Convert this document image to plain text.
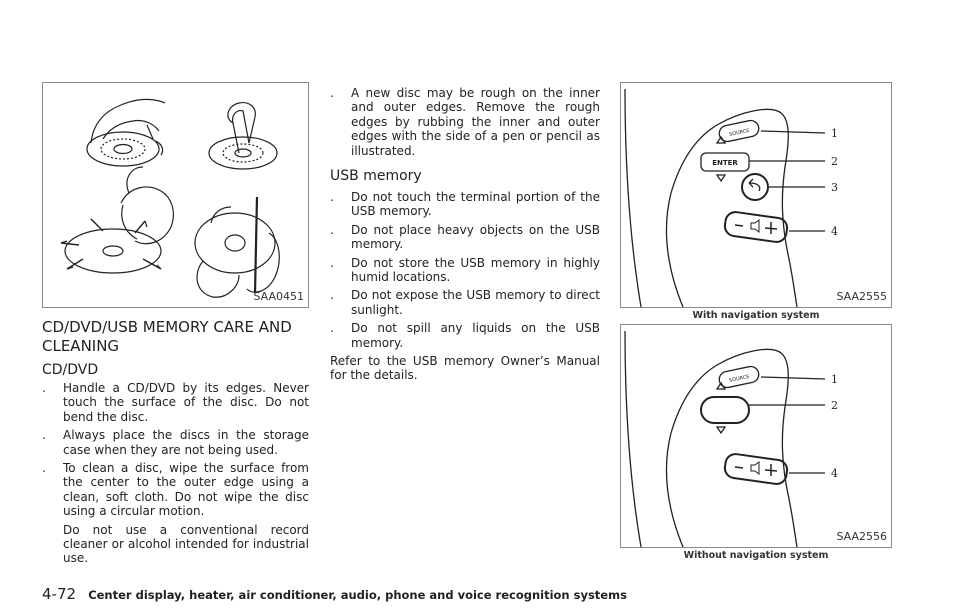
SAA0451
CD/DVD/USB MEMORY CARE AND
CLEANING
CD/DVD
. Handle a CD/DVD by its edges. Never touch the surface of the disc. Do not bend the disc.
. Always place the discs in the storage case when they are not being used.
. To clean a disc, wipe the surface from the center to the outer edge using a clean, soft cloth. Do not wipe the disc using a circular motion.
Do not use a conventional record cleaner or alcohol intended for industrial use.
. A new disc may be rough on the inner and outer edges. Remove the rough edges by rubbing the inner and outer edges with the side of a pen or pencil as illustrated.
USB memory
. Do not touch the terminal portion of the USB memory.
. Do not place heavy objects on the USB memory.
. Do not store the USB memory in highly humid locations.
. Do not expose the USB memory to direct sunlight.
. Do not spill any liquids on the USB memory.

Refer to the USB memory Owner’s Manual for the details.

SOURCE
ENTER
1
2
3
4
SAA2555
With navigation system
SOURCE	1
2
4
SAA2556
Without navigation system
4-72 Center display, heater, air conditioner, audio, phone and voice recognition systems
